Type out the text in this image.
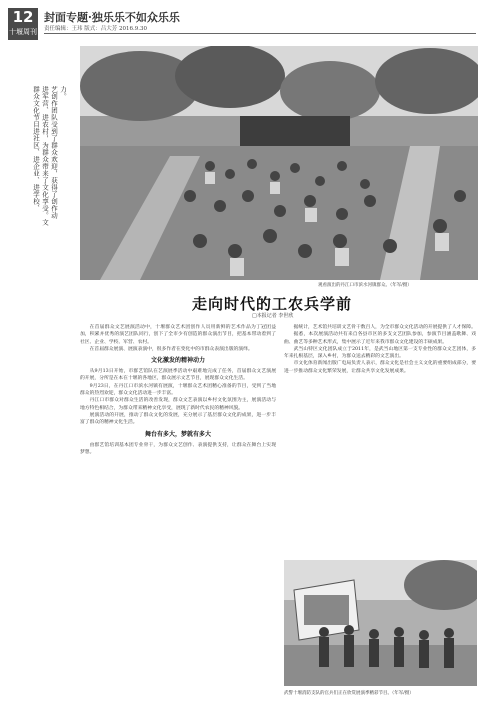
12
十堰周刊
封面专题·独乐乐不如众乐乐
责任编辑：王玮 版式：吕大芳 2016.9.30
力。
艺创作团队受到了群众欢迎，获得了创作动
进军营、进农村，为群众带来了文化享受。文
群众文化节目进社区、进企业、进学校、
观看演出的丹江口市滨水河镇群众。（年军/摄）
走向时代的工农兵学前
□本报记者 李世欣

在首届群众文艺展演活动中，十堰群众艺术团创作人员用新鲜的艺术作品为丁冠团益加，积累并优秀的演艺团队同行，创下了全市少有创造的群众演出节目，把基本带动着到了社区、企业、学校、军营、农村。

在首届群众展演、展演表演中，很多作者在变化中的市群众表演出版的演绎。

文化激发的精神动力

从9月13日开始，市群艺馆队在艺演展季活动中艰难地完成了任务，首届群众文艺演展的开展，分所是在本在十堰的各地区，群众展示文艺节目，展现群众文化生活。

9月23日，在丹江口市滨水河镇有展演，十堰群众艺术团精心准备的节目，受到了当地群众的热烈欢迎，群众文化活动进一步丰富。

丹江口市群众对群众生活的改善发现，群众文艺表演以乡村文化氛围为主，展演活动与地方特色相结合，为群众带来精神文化享受，展现了新时代农民的精神风貌。

展演活动的开展，推动了群众文化的发展，充分展示了基层群众文化的成果，进一步丰富了群众的精神文化生活。

舞台有多大，梦就有多大

由群艺馆培训基本团专业骨干，为群众文艺创作、表演提供支持，让群众在舞台上实现梦想。

据统计，艺术馆共培训文艺骨干数百人，为全市群众文化活动的开展提供了人才保障。

据悉，本次展演活动共有来自各县市区的多支文艺团队参加，参演节目涵盖歌舞、戏曲、曲艺等多种艺术形式，集中展示了近年来我市群众文化建设的丰硕成果。

武当山特区文化团队成立于2011年，是武当山地区第一支专业性的群众文艺团体，多年来扎根基层，深入乡村，为群众送去精彩的文艺演出。

市文化体育新闻出版广电局负责人表示，群众文化是社会主义文化的重要组成部分，要进一步推动群众文化繁荣发展，让群众共享文化发展成果。

武警十堰消防支队的官兵们正在欣赏展演季精彩节目。（年军/摄）
